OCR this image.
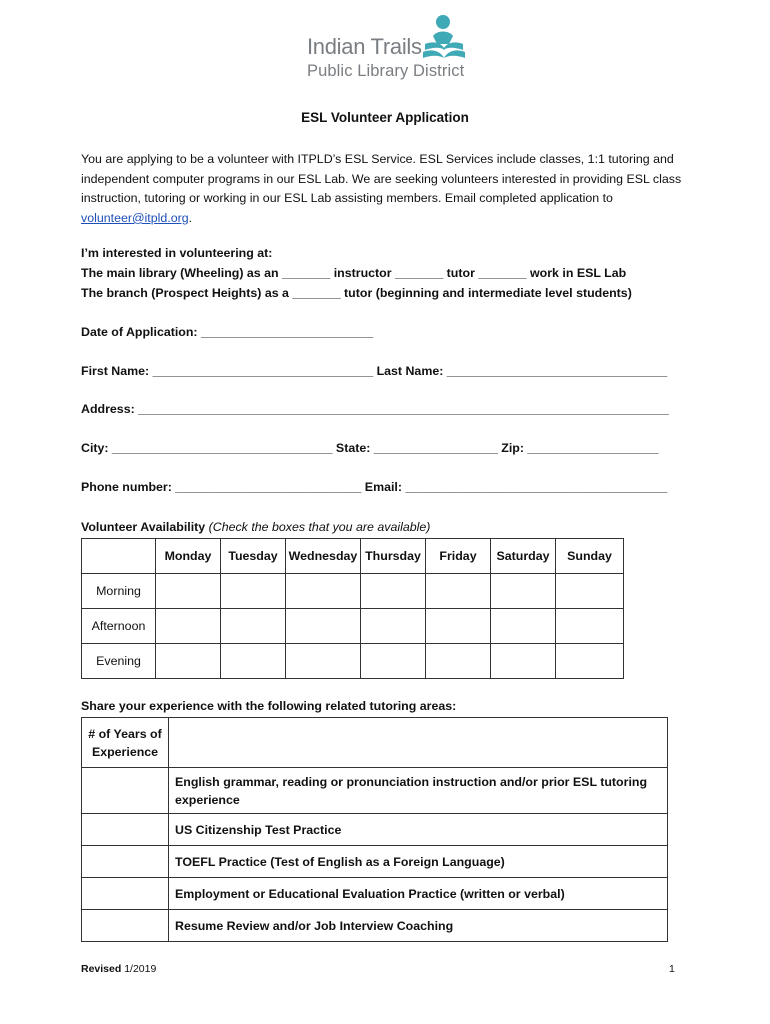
Indian Trails
Public Library District
ESL Volunteer Application
You are applying to be a volunteer with ITPLD’s ESL Service. ESL Services include classes, 1:1 tutoring and independent computer programs in our ESL Lab. We are seeking volunteers interested in providing ESL class instruction, tutoring or working in our ESL Lab assisting members. Email completed application to volunteer@itpld.org.
I’m interested in volunteering at:
The main library (Wheeling) as an _______ instructor _______ tutor _______ work in ESL Lab
The branch (Prospect Heights) as a _______ tutor (beginning and intermediate level students)
Date of Application: _________________________
First Name: ________________________________ Last Name: ________________________________
Address: _____________________________________________________________________________
City: ________________________________ State: __________________ Zip: ___________________
Phone number: ___________________________ Email: ______________________________________
Volunteer Availability (Check the boxes that you are available)
	Monday	Tuesday	Wednesday	Thursday	Friday	Saturday	Sunday
Morning							
Afternoon							
Evening							
Share your experience with the following related tutoring areas:
# of Years of Experience	
	English grammar, reading or pronunciation instruction and/or prior ESL tutoring experience
	US Citizenship Test Practice
	TOEFL Practice (Test of English as a Foreign Language)
	Employment or Educational Evaluation Practice (written or verbal)
	Resume Review and/or Job Interview Coaching
Revised 1/2019	1
